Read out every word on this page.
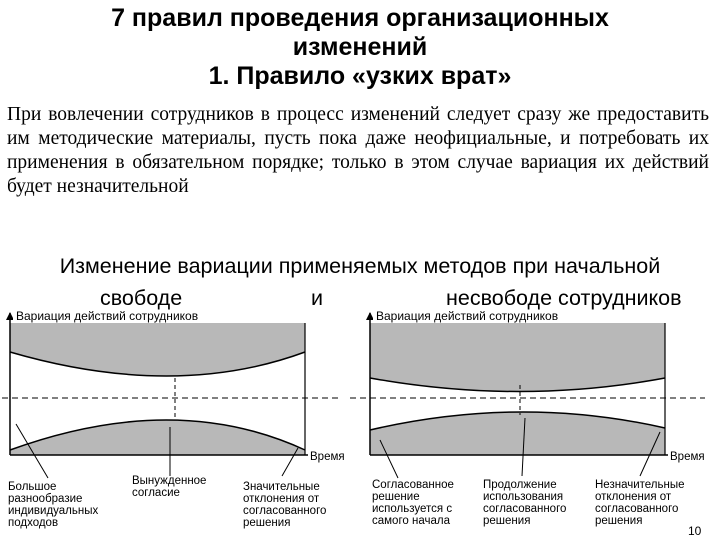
7 правил проведения организационных
изменений
1. Правило «узких врат»
При вовлечении сотрудников в процесс изменений следует сразу же предоставить им методические материалы, пусть пока даже неофициальные, и потребовать их применения в обязательном порядке; только в этом случае вариация их действий будет незначительной
Изменение вариации применяемых методов при начальной
свободе	и	несвободе сотрудников
Вариация действий сотрудников
Время
Большое разнообразие индивидуальных подходов
Вынужденное согласие	Значительные отклонения от согласованного решения
Вариация действий сотрудников
Время
Согласованное решение используется с самого начала
Продолжение использования согласованного решения
Незначительные отклонения от согласованного решения
10
